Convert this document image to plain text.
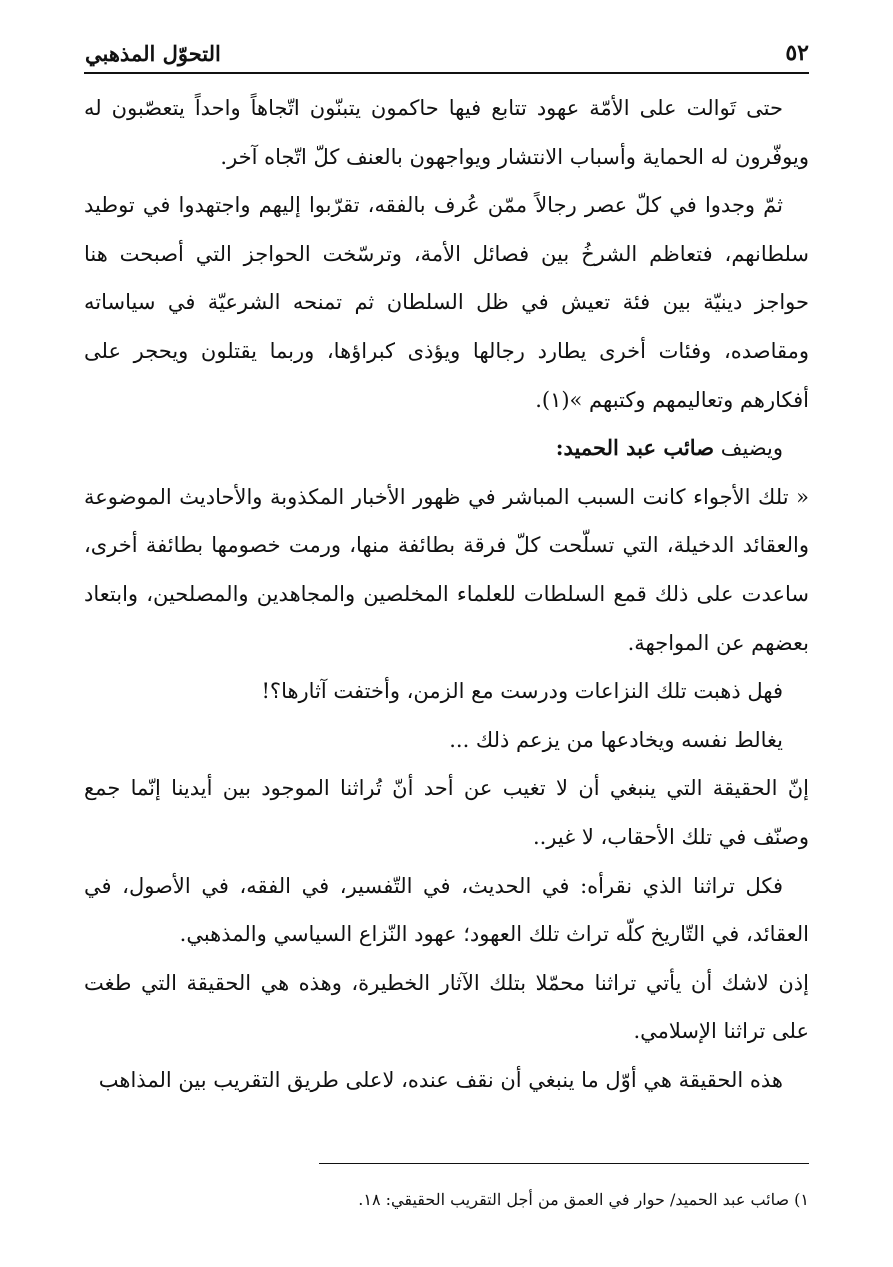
٥٢
التحوّل المذهبي

حتى تَوالت على الأمّة عهود تتابع فيها حاكمون يتبنّون اتّجاهاً واحداً يتعصّبون له ويوفّرون له الحماية وأسباب الانتشار ويواجهون بالعنف كلّ اتّجاه آخر.

ثمّ وجدوا في كلّ عصر رجالاً ممّن عُرف بالفقه، تقرّبوا إليهم واجتهدوا في توطيد سلطانهم، فتعاظم الشرخُ بين فصائل الأمة، وترسّخت الحواجز التي أصبحت هنا حواجز دينيّة بين فئة تعيش في ظل السلطان ثم تمنحه الشرعيّة في سياساته ومقاصده، وفئات أخرى يطارد رجالها ويؤذى كبراؤها، وربما يقتلون ويحجر على أفكارهم وتعاليمهم وكتبهم »(١).

ويضيف صائب عبد الحميد:

« تلك الأجواء كانت السبب المباشر في ظهور الأخبار المكذوبة والأحاديث الموضوعة والعقائد الدخيلة، التي تسلّحت كلّ فرقة بطائفة منها، ورمت خصومها بطائفة أخرى، ساعدت على ذلك قمع السلطات للعلماء المخلصين والمجاهدين والمصلحين، وابتعاد بعضهم عن المواجهة.

فهل ذهبت تلك النزاعات ودرست مع الزمن، وأختفت آثارها؟!

يغالط نفسه ويخادعها من يزعم ذلك ...

إنّ الحقيقة التي ينبغي أن لا تغيب عن أحد أنّ تُراثنا الموجود بين أيدينا إنّما جمع وصنّف في تلك الأحقاب، لا غير..

فكل تراثنا الذي نقرأه: في الحديث، في التّفسير، في الفقه، في الأصول، في العقائد، في التّاريخ كلّه تراث تلك العهود؛ عهود النّزاع السياسي والمذهبي.

إذن لاشك أن يأتي تراثنا محمّلا بتلك الآثار الخطيرة، وهذه هي الحقيقة التي طغت على تراثنا الإسلامي.

هذه الحقيقة هي أوّل ما ينبغي أن نقف عنده، لاعلى طريق التقريب بين المذاهب

١) صائب عبد الحميد/ حوار في العمق من أجل التقريب الحقيقي: ١٨.
